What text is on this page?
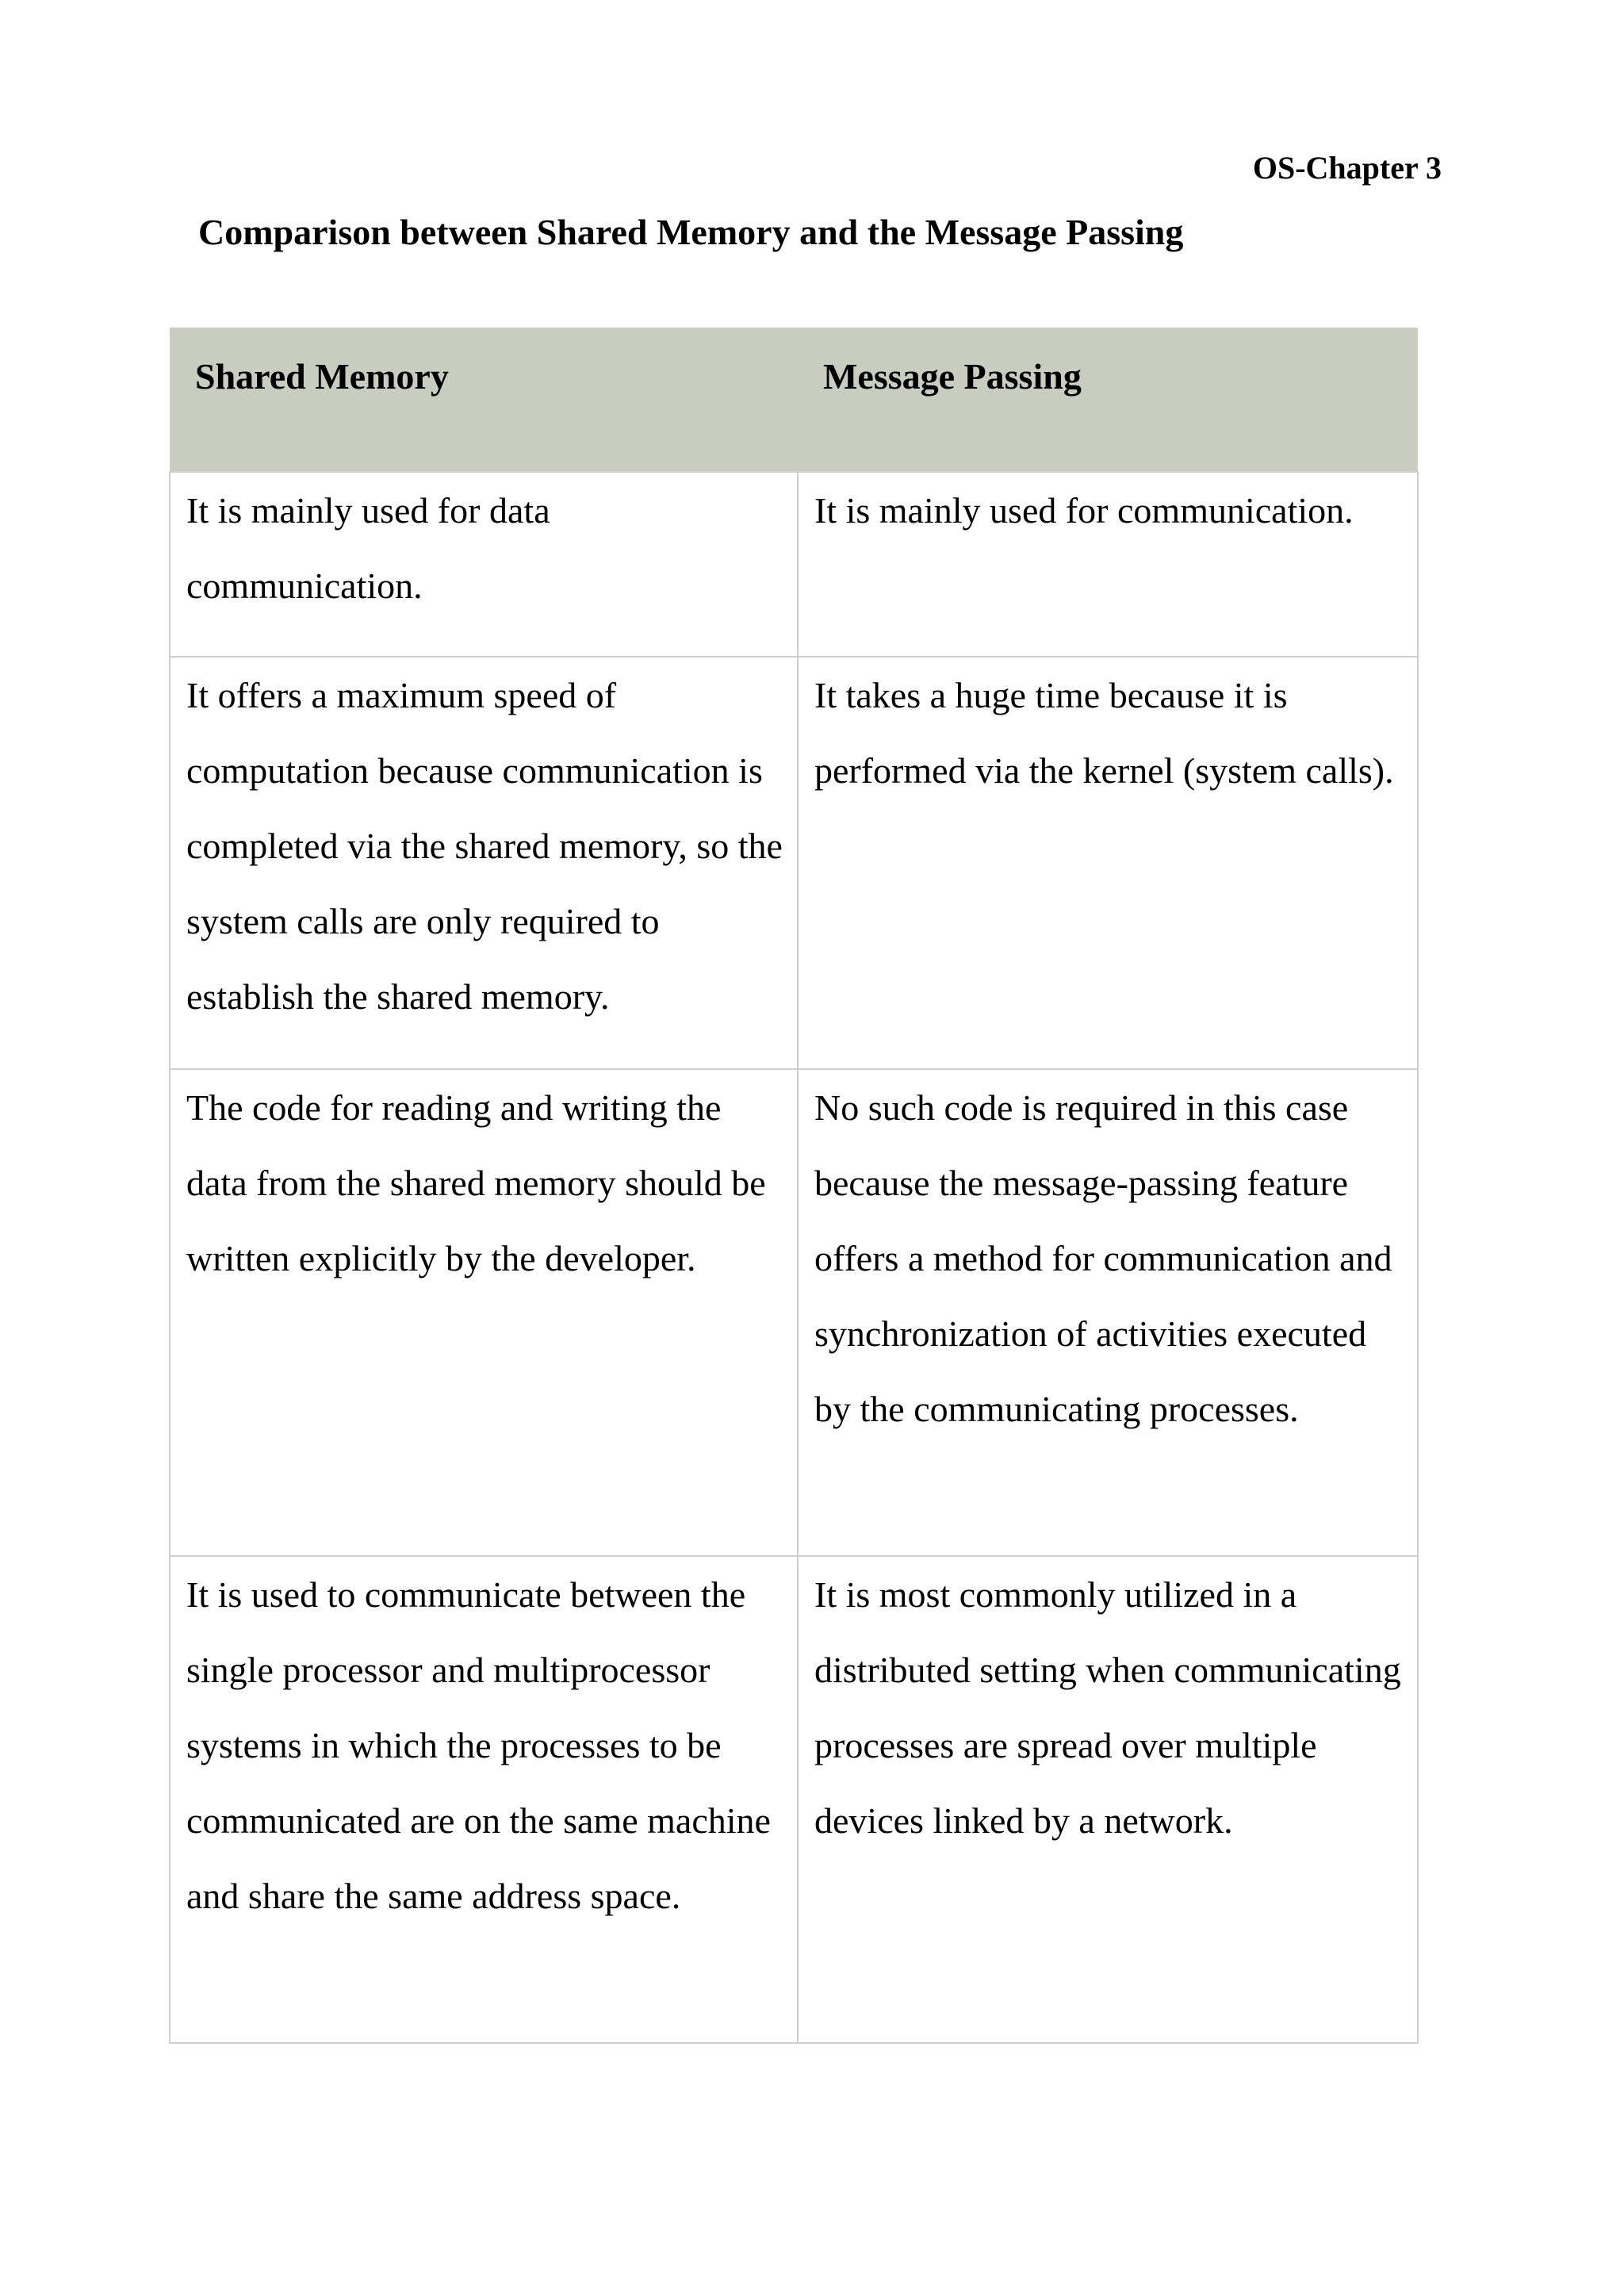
OS-Chapter 3
Comparison between Shared Memory and the Message Passing
Shared Memory	Message Passing

It is mainly used for data communication.	It is mainly used for communication.

It offers a maximum speed of computation because communication is completed via the shared memory, so the system calls are only required to establish the shared memory.	It takes a huge time because it is performed via the kernel (system calls).

The code for reading and writing the data from the shared memory should be written explicitly by the developer.	No such code is required in this case because the message-passing feature offers a method for communication and synchronization of activities executed by the communicating processes.

It is used to communicate between the single processor and multiprocessor systems in which the processes to be communicated are on the same machine and share the same address space.	It is most commonly utilized in a distributed setting when communicating processes are spread over multiple devices linked by a network.
